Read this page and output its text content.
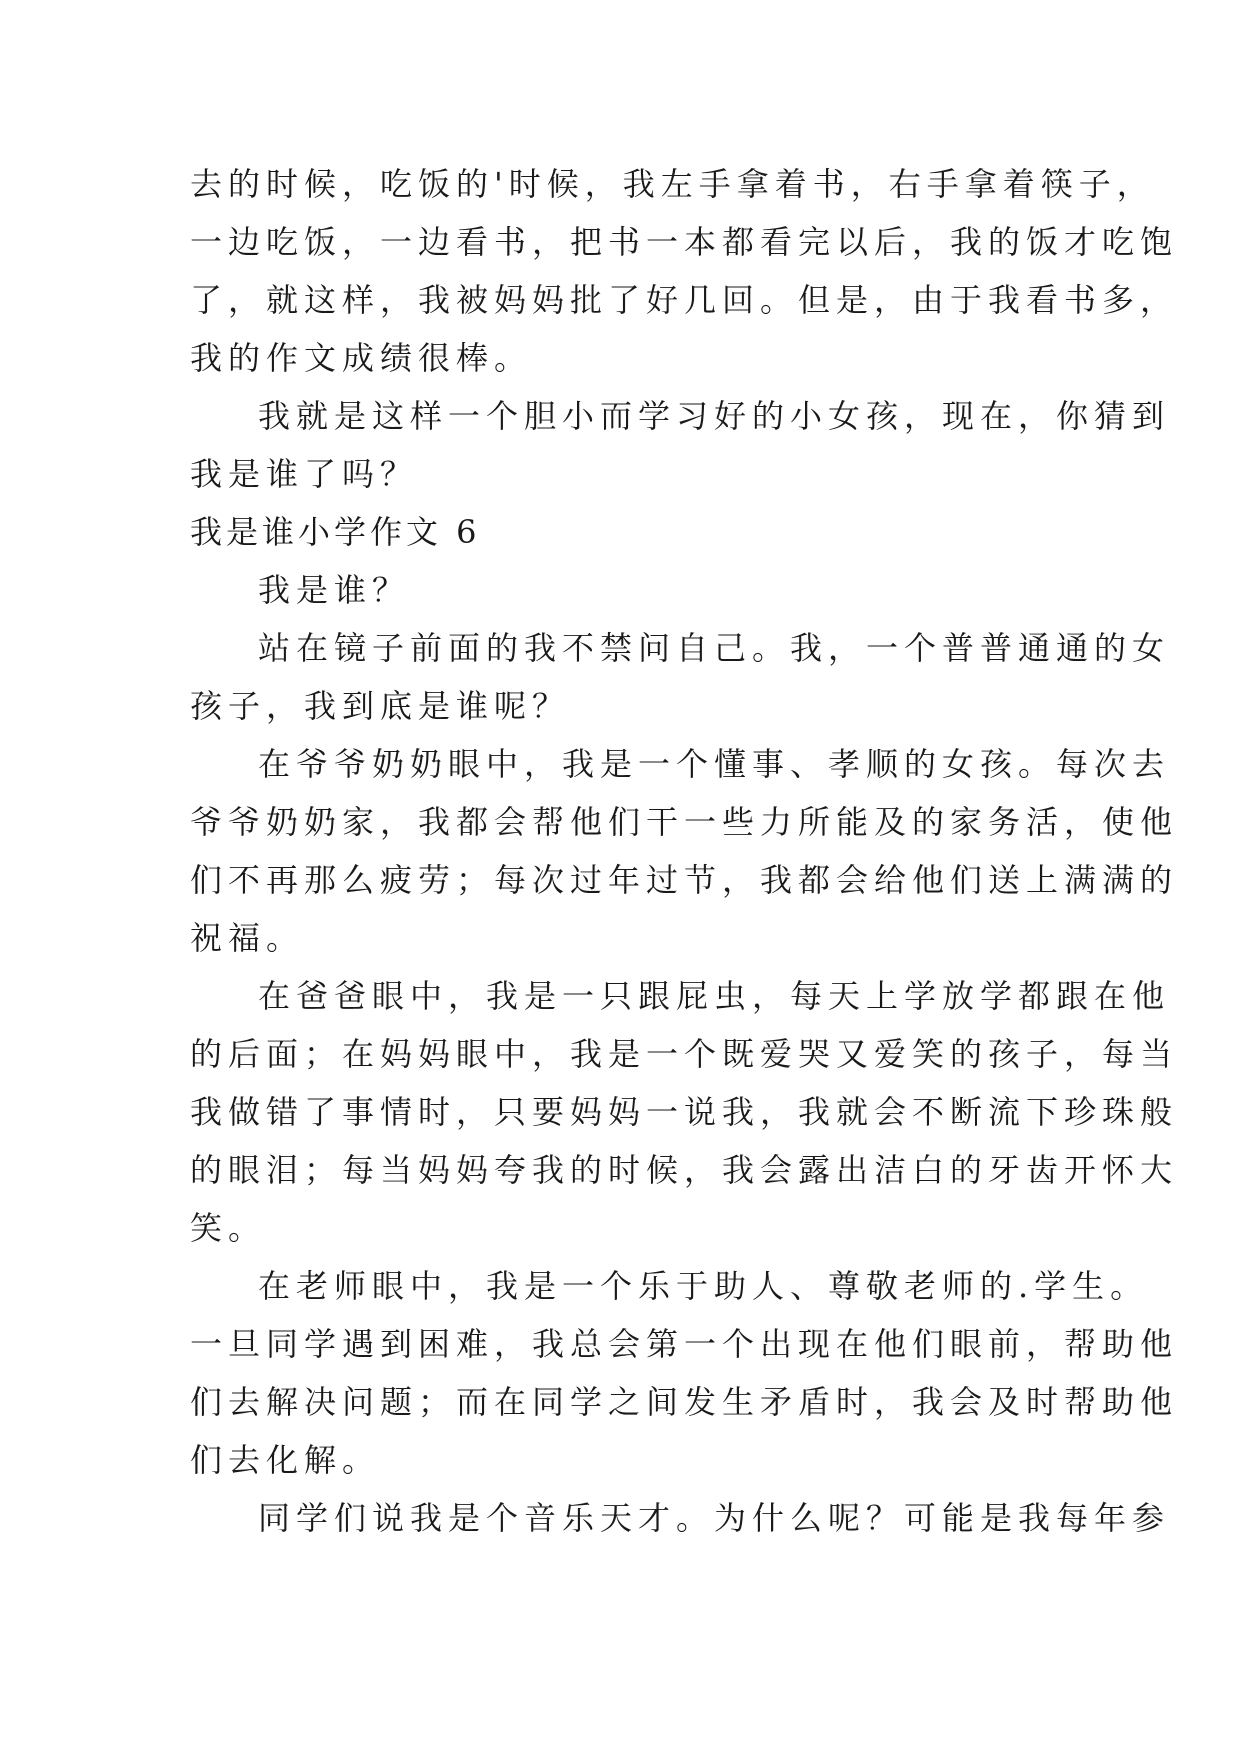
去的时候，吃饭的'时候，我左手拿着书，右手拿着筷子，
一边吃饭，一边看书，把书一本都看完以后，我的饭才吃饱
了，就这样，我被妈妈批了好几回。但是，由于我看书多，
我的作文成绩很棒。
我就是这样一个胆小而学习好的小女孩，现在，你猜到
我是谁了吗？
我是谁小学作文 6
我是谁？
站在镜子前面的我不禁问自己。我，一个普普通通的女
孩子，我到底是谁呢？
在爷爷奶奶眼中，我是一个懂事、孝顺的女孩。每次去
爷爷奶奶家，我都会帮他们干一些力所能及的家务活，使他
们不再那么疲劳；每次过年过节，我都会给他们送上满满的
祝福。
在爸爸眼中，我是一只跟屁虫，每天上学放学都跟在他
的后面；在妈妈眼中，我是一个既爱哭又爱笑的孩子，每当
我做错了事情时，只要妈妈一说我，我就会不断流下珍珠般
的眼泪；每当妈妈夸我的时候，我会露出洁白的牙齿开怀大
笑。
在老师眼中，我是一个乐于助人、尊敬老师的.学生。
一旦同学遇到困难，我总会第一个出现在他们眼前，帮助他
们去解决问题；而在同学之间发生矛盾时，我会及时帮助他
们去化解。
同学们说我是个音乐天才。为什么呢？可能是我每年参
